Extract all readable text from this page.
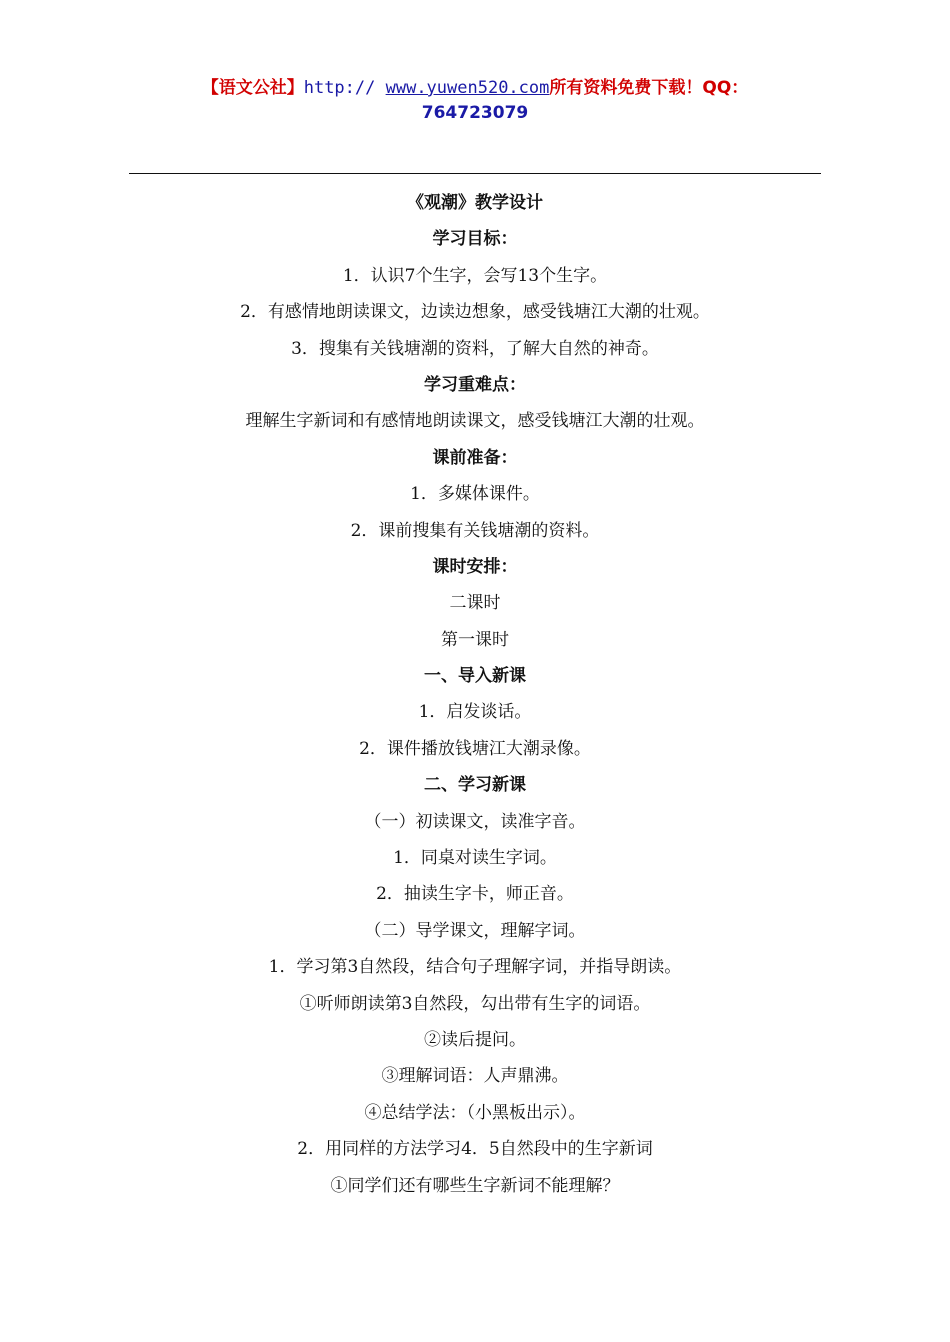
【语文公社】http:// www.yuwen520.com所有资料免费下载！QQ：
764723079
《观潮》教学设计
学习目标：
1．认识7个生字，会写13个生字。
2．有感情地朗读课文，边读边想象，感受钱塘江大潮的壮观。
3．搜集有关钱塘潮的资料，了解大自然的神奇。
学习重难点：
理解生字新词和有感情地朗读课文，感受钱塘江大潮的壮观。
课前准备：
1．多媒体课件。
2．课前搜集有关钱塘潮的资料。
课时安排：
二课时
第一课时
一、导入新课
1．启发谈话。
2．课件播放钱塘江大潮录像。
二、学习新课
（一）初读课文，读准字音。
1．同桌对读生字词。
2．抽读生字卡，师正音。
（二）导学课文，理解字词。
1．学习第3自然段，结合句子理解字词，并指导朗读。
①听师朗读第3自然段，勾出带有生字的词语。
②读后提问。
③理解词语：人声鼎沸。
④总结学法：（小黑板出示）。
2．用同样的方法学习4．5自然段中的生字新词
①同学们还有哪些生字新词不能理解？
